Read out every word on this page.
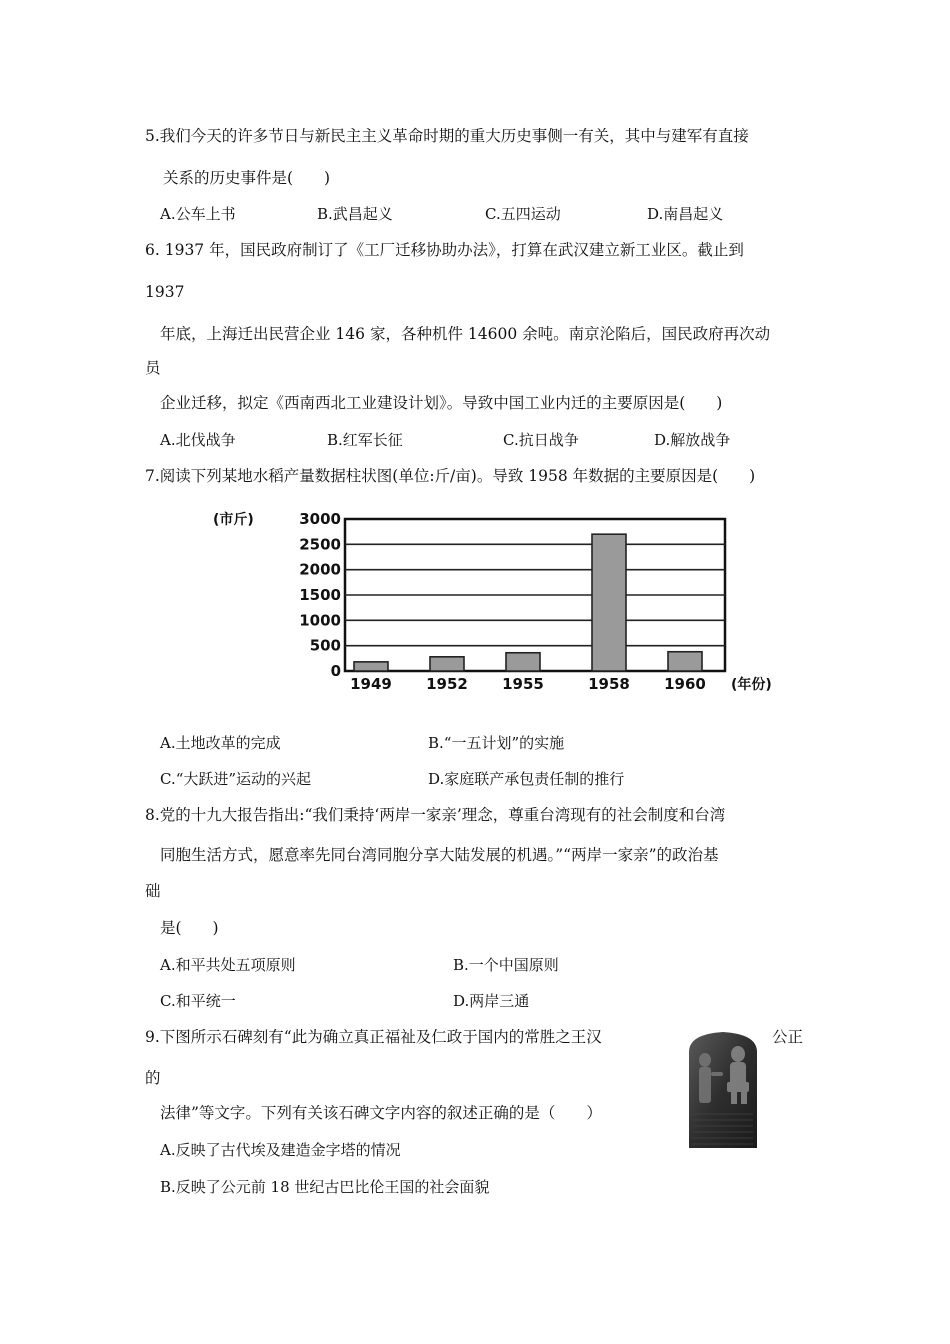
5.我们今天的许多节日与新民主主义革命时期的重大历史事侧一有关，其中与建军有直接
关系的历史事件是(　　)
A.公车上书	B.武昌起义	C.五四运动	D.南昌起义
6. 1937 年，国民政府制订了《工厂迁移协助办法》，打算在武汉建立新工业区。截止到
1937
年底，上海迁出民营企业 146 家，各种机件 14600 余吨。南京沦陷后，国民政府再次动
员
企业迁移，拟定《西南西北工业建设计划》。导致中国工业内迁的主要原因是(　　)
A.北伐战争	B.红军长征	C.抗日战争	D.解放战争
7.阅读下列某地水稻产量数据柱状图(单位:斤/亩)。导致 1958 年数据的主要原因是(　　)
3000
2500
2000
1500
1000
500
0
(市斤)
1949 1952 1955	1958 1960 (年份)
A.土地改革的完成	B.“一五计划”的实施
C.“大跃进”运动的兴起	D.家庭联产承包责任制的推行
8.党的十九大报告指出:“我们秉持‘两岸一家亲’理念，尊重台湾现有的社会制度和台湾
同胞生活方式，愿意率先同台湾同胞分享大陆发展的机遇。”“两岸一家亲”的政治基
础
是(　　)
A.和平共处五项原则	B.一个中国原则
C.和平统一	D.两岸三通
9.下图所示石碑刻有“此为确立真正福祉及仁政于国内的常胜之王汉	公正
的
法律”等文字。下列有关该石碑文字内容的叙述正确的是（　　）
A.反映了古代埃及建造金字塔的情况
B.反映了公元前 18 世纪古巴比伦王国的社会面貌
